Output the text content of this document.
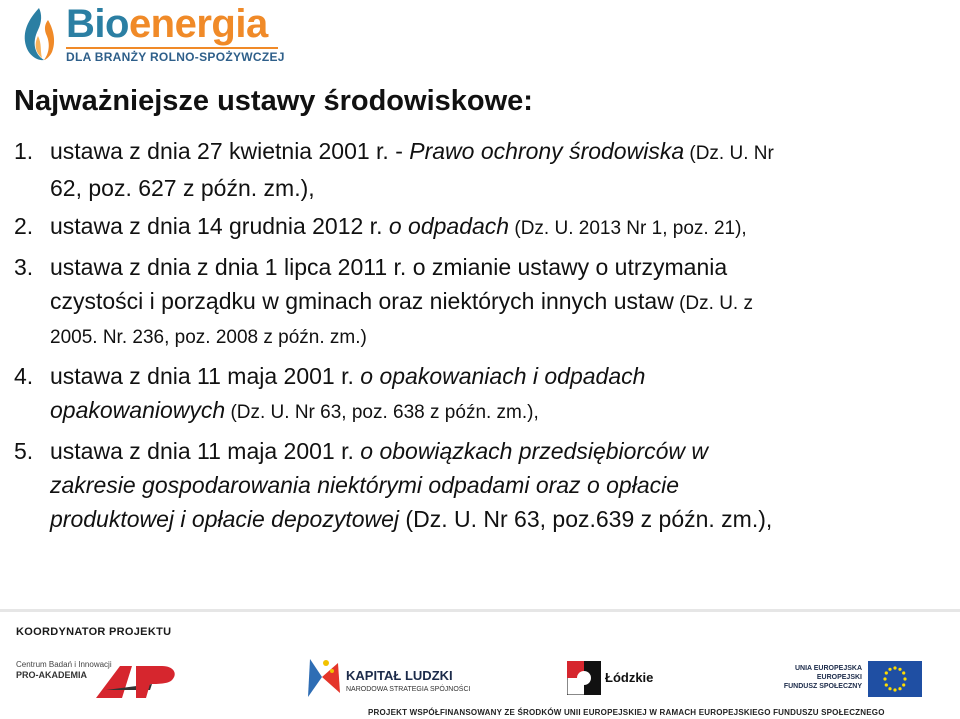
Bioenergia
DLA BRANŻY ROLNO-SPOŻYWCZEJ
Najważniejsze ustawy środowiskowe:
1. ustawa z dnia 27 kwietnia 2001 r. - Prawo ochrony środowiska (Dz. U. Nr
62, poz. 627 z późn. zm.),
2. ustawa z dnia 14 grudnia 2012 r. o odpadach (Dz. U. 2013 Nr 1, poz. 21),
3. ustawa z dnia z dnia 1 lipca 2011 r. o zmianie ustawy o utrzymania
czystości i porządku w gminach oraz niektórych innych ustaw (Dz. U. z
2005. Nr. 236, poz. 2008 z późn. zm.)
4. ustawa z dnia 11 maja 2001 r. o opakowaniach i odpadach
opakowaniowych (Dz. U. Nr 63, poz. 638 z późn. zm.),
5. ustawa z dnia 11 maja 2001 r. o obowiązkach przedsiębiorców w
zakresie gospodarowania niektórymi odpadami oraz o opłacie
produktowej i opłacie depozytowej (Dz. U. Nr 63, poz.639 z późn. zm.),
KOORDYNATOR PROJEKTU
Centrum Badań i Innowacji
PRO-AKADEMIA	KAPITAŁ LUDZKI
NARODOWA STRATEGIA SPÓJNOŚCI
Łódzkie
UNIA EUROPEJSKA
EUROPEJSKI
FUNDUSZ SPOŁECZNY
PROJEKT WSPÓŁFINANSOWANY ZE ŚRODKÓW UNII EUROPEJSKIEJ W RAMACH EUROPEJSKIEGO FUNDUSZU SPOŁECZNEGO
